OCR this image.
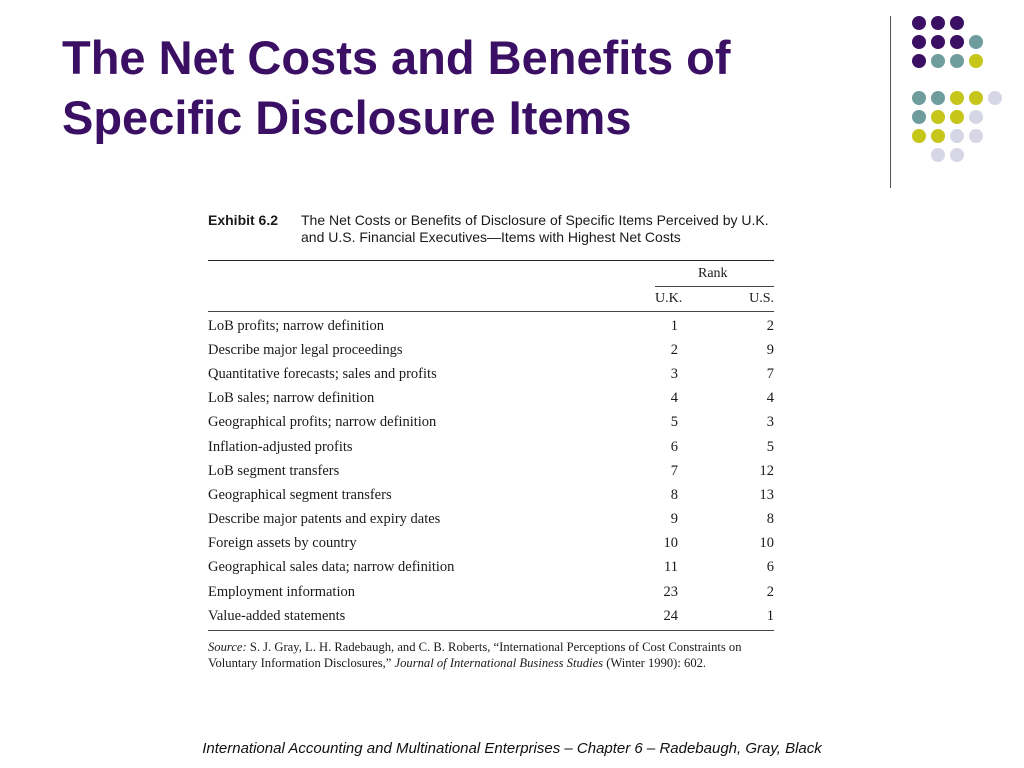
The Net Costs and Benefits of
Specific Disclosure Items
Exhibit 6.2	The Net Costs or Benefits of Disclosure of Specific Items Perceived by U.K. and U.S. Financial Executives—Items with Highest Net Costs
Rank
U.K.	U.S.
LoB profits; narrow definition	1	2
Describe major legal proceedings	2	9
Quantitative forecasts; sales and profits	3	7
LoB sales; narrow definition	4	4
Geographical profits; narrow definition	5	3
Inflation-adjusted profits	6	5
LoB segment transfers	7	12
Geographical segment transfers	8	13
Describe major patents and expiry dates	9	8
Foreign assets by country	10	10
Geographical sales data; narrow definition	11	6
Employment information	23	2
Value-added statements	24	1
Source: S. J. Gray, L. H. Radebaugh, and C. B. Roberts, “International Perceptions of Cost Constraints on Voluntary Information Disclosures,” Journal of International Business Studies (Winter 1990): 602.
International Accounting and Multinational Enterprises – Chapter 6 – Radebaugh, Gray, Black
